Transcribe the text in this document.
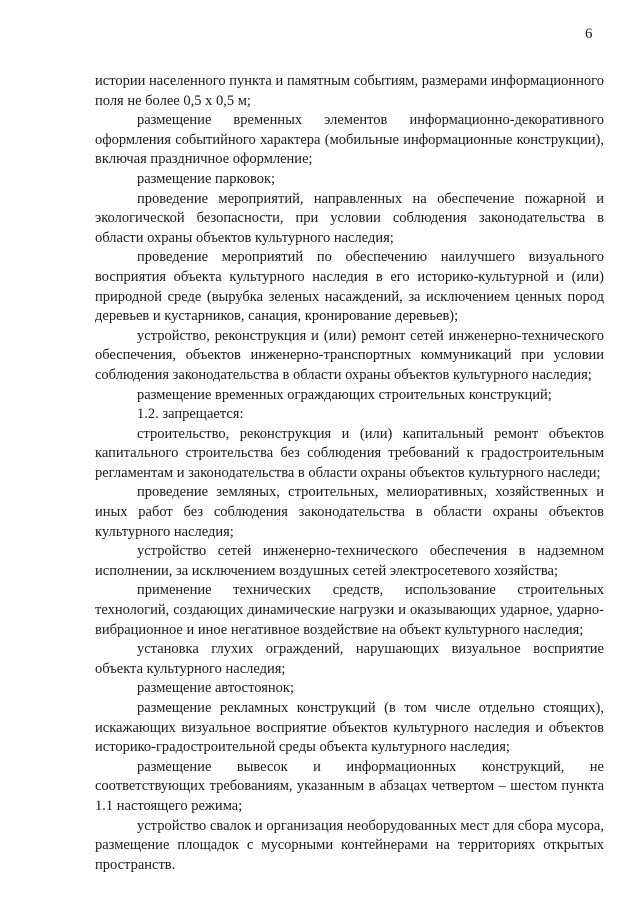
6

истории населенного пункта и памятным событиям, размерами информационного поля не более 0,5 х 0,5 м;

размещение временных элементов информационно-декоративного оформления событийного характера (мобильные информационные конструкции), включая праздничное оформление;

размещение парковок;

проведение мероприятий, направленных на обеспечение пожарной и экологической безопасности, при условии соблюдения законодательства в области охраны объектов культурного наследия;

проведение мероприятий по обеспечению наилучшего визуального восприятия объекта культурного наследия в его историко-культурной и (или) природной среде (вырубка зеленых насаждений, за исключением ценных пород деревьев и кустарников, санация, кронирование деревьев);

устройство, реконструкция и (или) ремонт сетей инженерно-технического обеспечения, объектов инженерно-транспортных коммуникаций при условии соблюдения законодательства в области охраны объектов культурного наследия;

размещение временных ограждающих строительных конструкций;

1.2. запрещается:

строительство, реконструкция и (или) капитальный ремонт объектов капитального строительства без соблюдения требований к градостроительным регламентам и законодательства в области охраны объектов культурного наследи;

проведение земляных, строительных, мелиоративных, хозяйственных и иных работ без соблюдения законодательства в области охраны объектов культурного наследия;

устройство сетей инженерно-технического обеспечения в надземном исполнении, за исключением воздушных сетей электросетевого хозяйства;

применение технических средств, использование строительных технологий, создающих динамические нагрузки и оказывающих ударное, ударно-вибрационное и иное негативное воздействие на объект культурного наследия;

установка глухих ограждений, нарушающих визуальное восприятие объекта культурного наследия;

размещение автостоянок;

размещение рекламных конструкций (в том числе отдельно стоящих), искажающих визуальное восприятие объектов культурного наследия и объектов историко-градостроительной среды объекта культурного наследия;

размещение вывесок и информационных конструкций, не соответствующих требованиям, указанным в абзацах четвертом – шестом пункта 1.1 настоящего режима;

устройство свалок и организация необорудованных мест для сбора мусора, размещение площадок с мусорными контейнерами на территориях открытых пространств.
